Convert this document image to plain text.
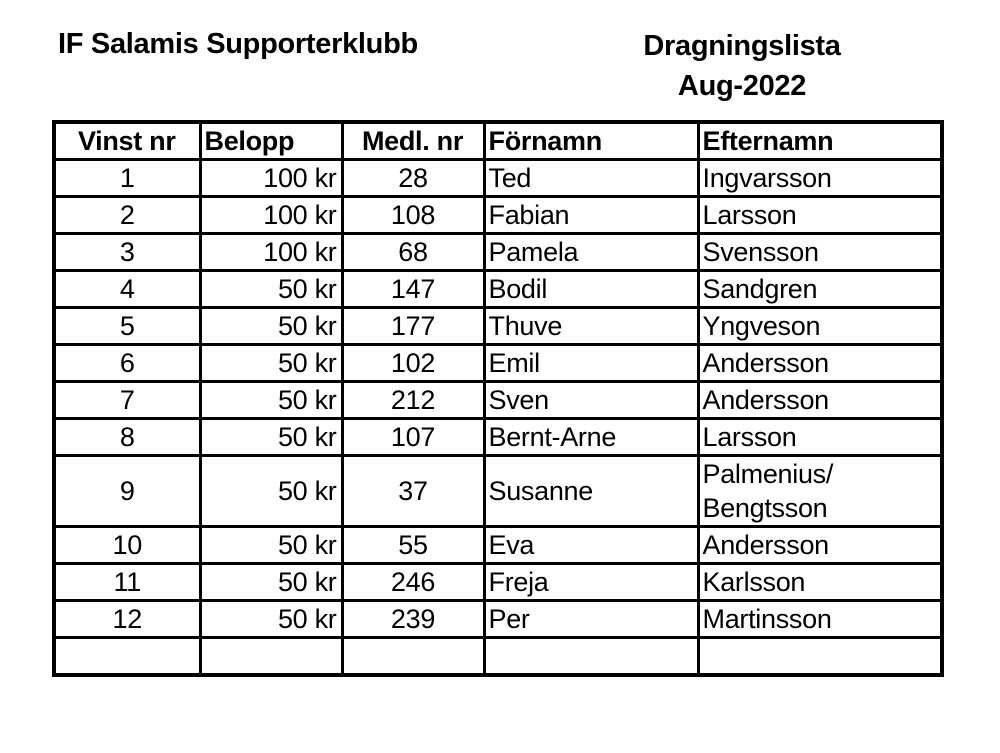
IF Salamis Supporterklubb	Dragningslista
Aug-2022
Vinst nr	Belopp	Medl. nr	Förnamn	Efternamn
1	100 kr	28	Ted	Ingvarsson
2	100 kr	108	Fabian	Larsson
3	100 kr	68	Pamela	Svensson
4	50 kr	147	Bodil	Sandgren
5	50 kr	177	Thuve	Yngveson
6	50 kr	102	Emil	Andersson
7	50 kr	212	Sven	Andersson
8	50 kr	107	Bernt-Arne	Larsson
9	50 kr	37	Susanne	Palmenius/ Bengtsson
10	50 kr	55	Eva	Andersson
11	50 kr	246	Freja	Karlsson
12	50 kr	239	Per	Martinsson
